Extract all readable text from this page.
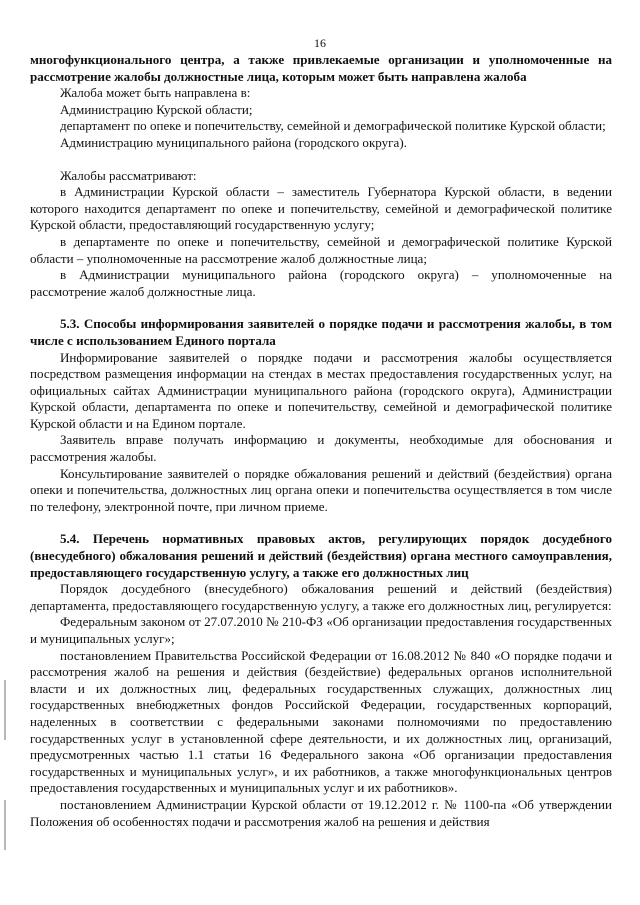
16

многофункционального центра, а также привлекаемые организации и уполномоченные на рассмотрение жалобы должностные лица, которым может быть направлена жалоба

Жалоба может быть направлена в:

Администрацию Курской области;

департамент по опеке и попечительству, семейной и демографической политике Курской области;

Администрацию муниципального района (городского округа).

Жалобы рассматривают:

в Администрации Курской области – заместитель Губернатора Курской области, в ведении которого находится департамент по опеке и попечительству, семейной и демографической политике Курской области, предоставляющий государственную услугу;

в департаменте по опеке и попечительству, семейной и демографической политике Курской области – уполномоченные на рассмотрение жалоб должностные лица;

в Администрации муниципального района (городского округа) – уполномоченные на рассмотрение жалоб должностные лица.

5.3. Способы информирования заявителей о порядке подачи и рассмотрения жалобы, в том числе с использованием Единого портала

Информирование заявителей о порядке подачи и рассмотрения жалобы осуществляется посредством размещения информации на стендах в местах предоставления государственных услуг, на официальных сайтах Администрации муниципального района (городского округа), Администрации Курской области, департамента по опеке и попечительству, семейной и демографической политике Курской области и на Едином портале.

Заявитель вправе получать информацию и документы, необходимые для обоснования и рассмотрения жалобы.

Консультирование заявителей о порядке обжалования решений и действий (бездействия) органа опеки и попечительства, должностных лиц органа опеки и попечительства осуществляется в том числе по телефону, электронной почте, при личном приеме.

5.4. Перечень нормативных правовых актов, регулирующих порядок досудебного (внесудебного) обжалования решений и действий (бездействия) органа местного самоуправления, предоставляющего государственную услугу, а также его должностных лиц

Порядок досудебного (внесудебного) обжалования решений и действий (бездействия) департамента, предоставляющего государственную услугу, а также его должностных лиц, регулируется:

Федеральным законом от 27.07.2010 № 210-ФЗ «Об организации предоставления государственных и муниципальных услуг»;

постановлением Правительства Российской Федерации от 16.08.2012 № 840 «О порядке подачи и рассмотрения жалоб на решения и действия (бездействие) федеральных органов исполнительной власти и их должностных лиц, федеральных государственных служащих, должностных лиц государственных внебюджетных фондов Российской Федерации, государственных корпораций, наделенных в соответствии с федеральными законами полномочиями по предоставлению государственных услуг в установленной сфере деятельности, и их должностных лиц, организаций, предусмотренных частью 1.1 статьи 16 Федерального закона «Об организации предоставления государственных и муниципальных услуг», и их работников, а также многофункциональных центров предоставления государственных и муниципальных услуг и их работников».

постановлением Администрации Курской области от 19.12.2012 г. № 1100-па «Об утверждении Положения об особенностях подачи и рассмотрения жалоб на решения и действия
